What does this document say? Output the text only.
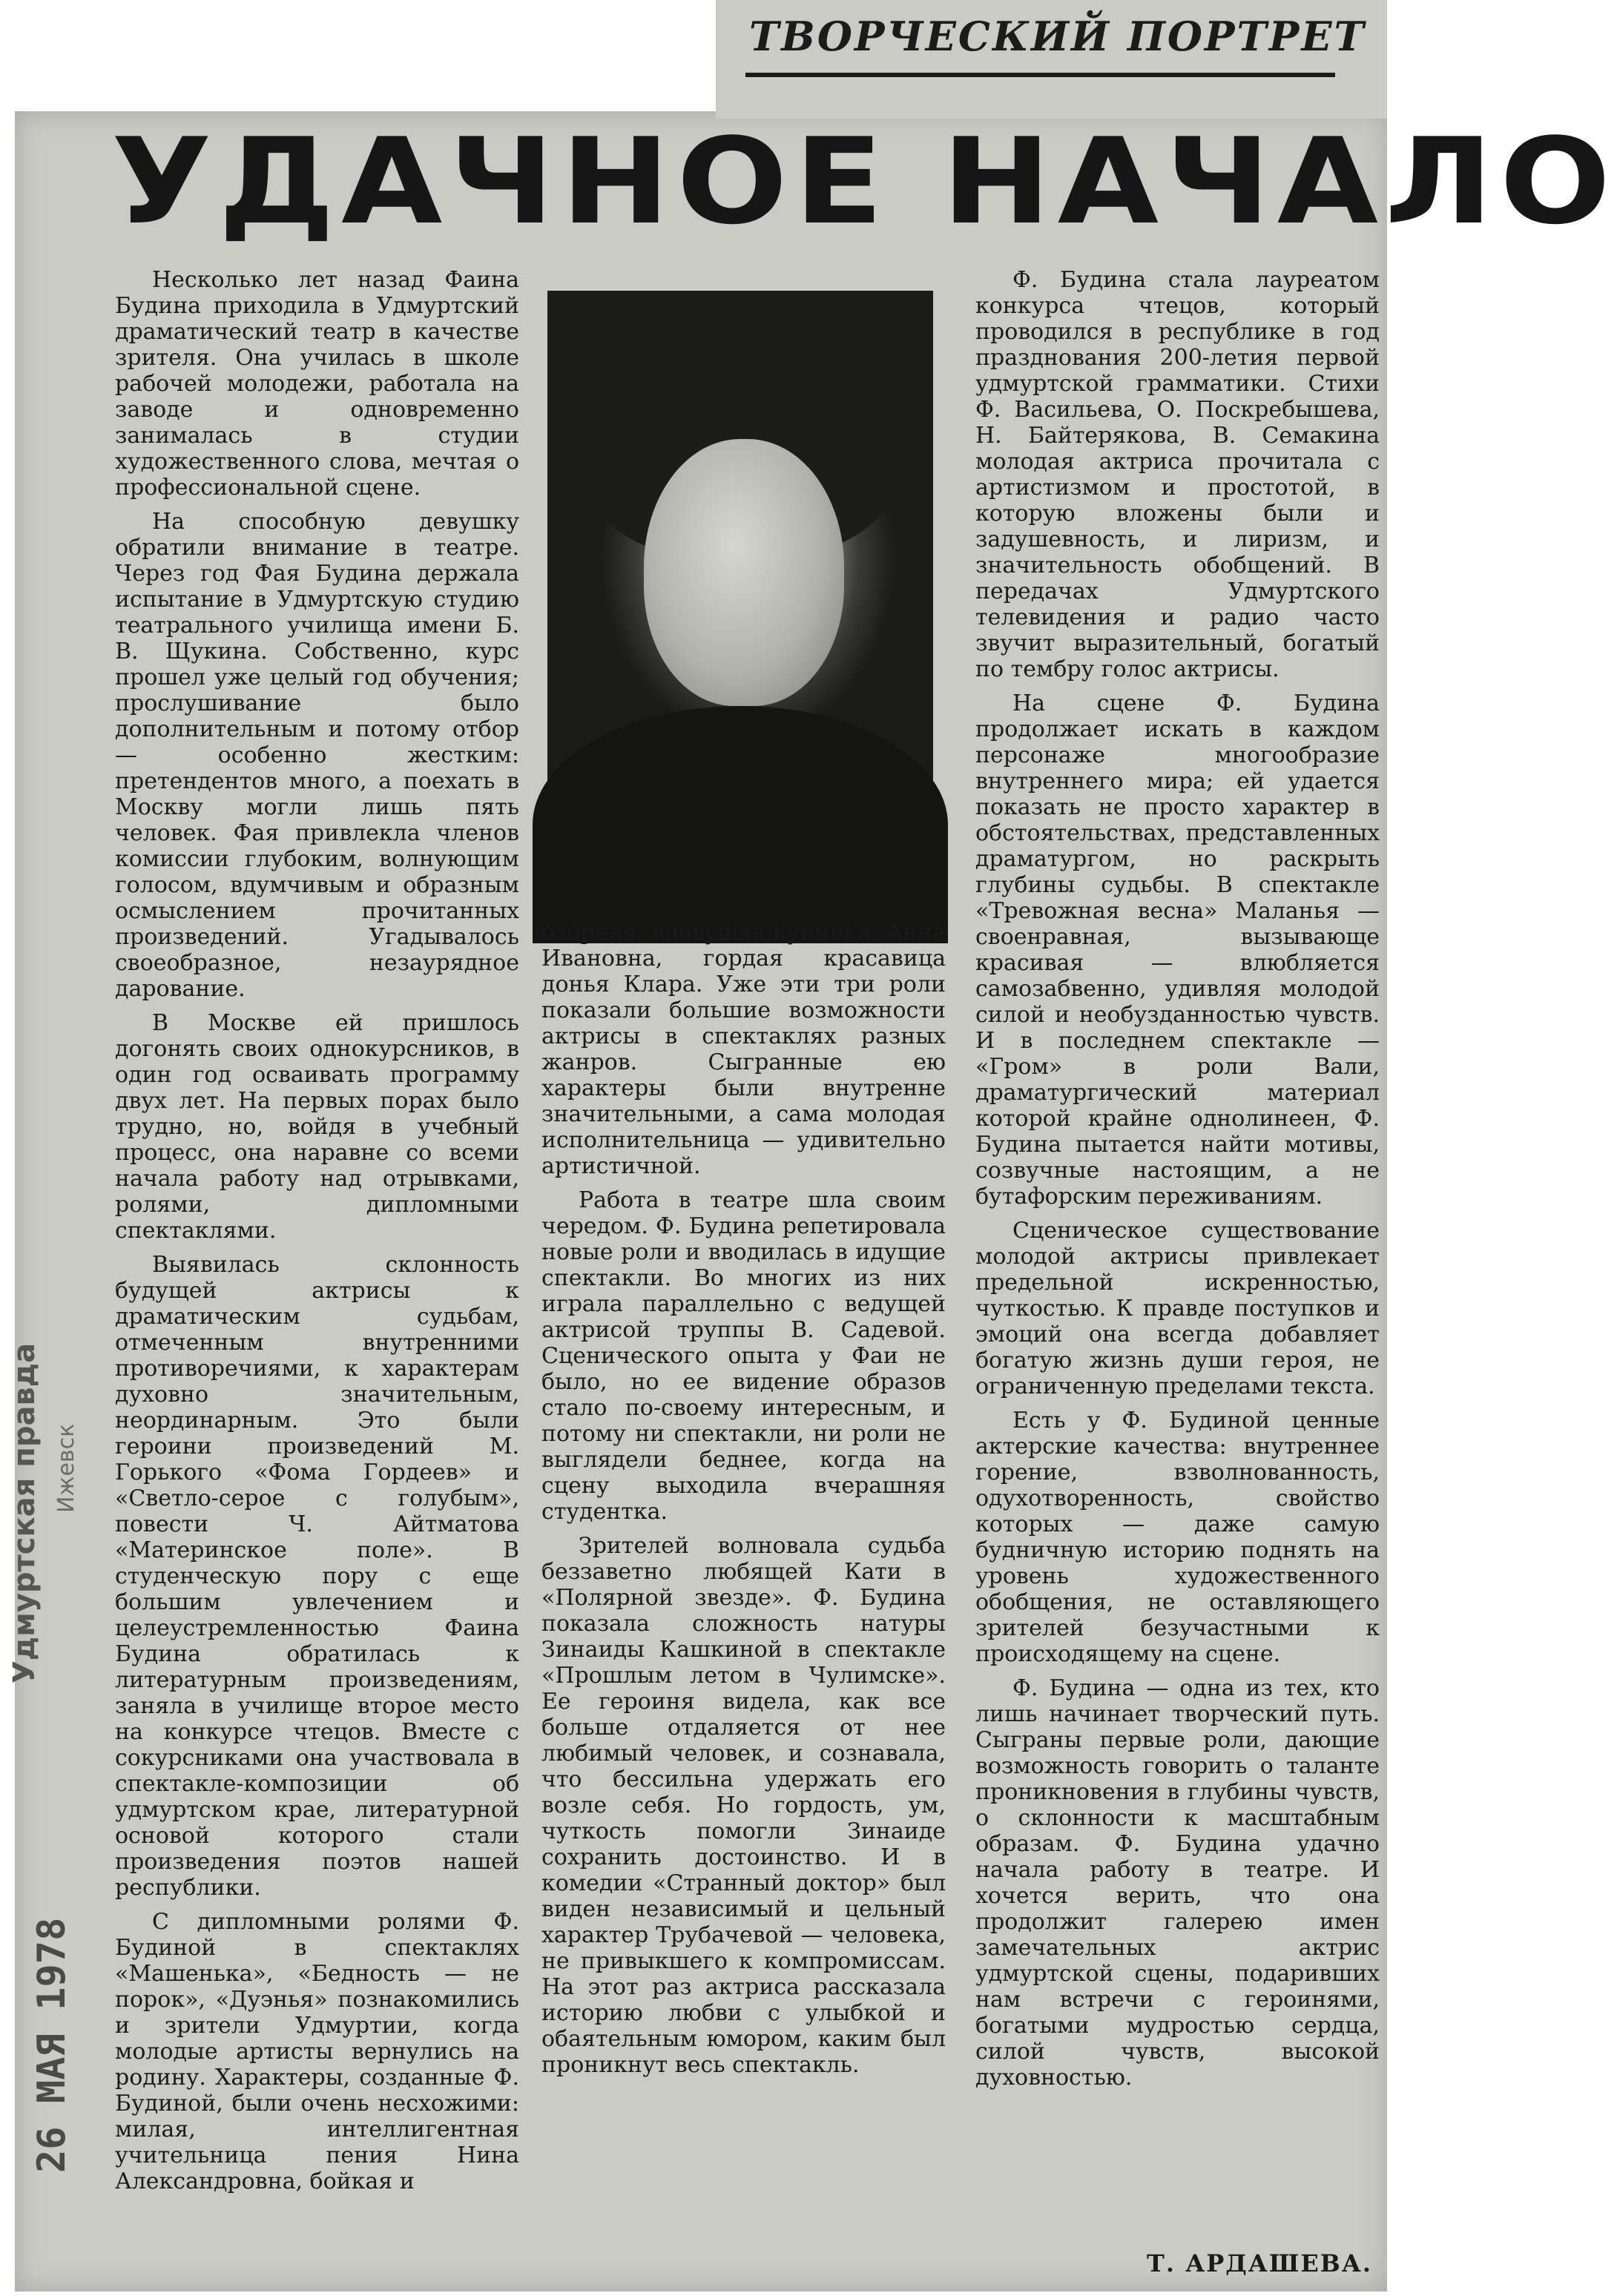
ТВОРЧЕСКИЙ ПОРТРЕТ
УДАЧНОЕ НАЧАЛО

Несколько лет назад Фаина Будина приходила в Удмуртский драматический театр в качестве зрителя. Она училась в школе рабочей молодежи, работала на заводе и одновременно занималась в студии художественного слова, мечтая о профессиональной сцене.

На способную девушку обратили внимание в театре. Через год Фая Будина держала испытание в Удмуртскую студию театрального училища имени Б. В. Щукина. Собственно, курс прошел уже целый год обучения; прослушивание было дополнительным и потому отбор — особенно жестким: претендентов много, а поехать в Москву могли лишь пять человек. Фая привлекла членов комиссии глубоким, волнующим голосом, вдумчивым и образным осмыслением прочитанных произведений. Угадывалось своеобразное, незаурядное дарование.

В Москве ей пришлось догонять своих однокурсников, в один год осваивать программу двух лет. На первых порах было трудно, но, войдя в учебный процесс, она наравне со всеми начала работу над отрывками, ролями, дипломными спектаклями.

Выявилась склонность будущей актрисы к драматическим судьбам, отмеченным внутренними противоречиями, к характерам духовно значительным, неординарным. Это были героини произведений М. Горького «Фома Гордеев» и «Светло-серое с голубым», повести Ч. Айтматова «Материнское поле». В студенческую пору с еще большим увлечением и целеустремленностью Фаина Будина обратилась к литературным произведениям, заняла в училище второе место на конкурсе чтецов. Вместе с сокурсниками она участвовала в спектакле-композиции об удмуртском крае, литературной основой которого стали произведения поэтов нашей республики.

С дипломными ролями Ф. Будиной в спектаклях «Машенька», «Бедность — не порок», «Дуэнья» познакомились и зрители Удмуртии, когда молодые артисты вернулись на родину. Характеры, созданные Ф. Будиной, были очень несхожими: милая, интеллигентная учительница пения Нина Александровна, бойкая и

озорная вдовушка-купчиха Анна Ивановна, гордая красавица донья Клара. Уже эти три роли показали большие возможности актрисы в спектаклях разных жанров. Сыгранные ею характеры были внутренне значительными, а сама молодая исполнительница — удивительно артистичной.

Работа в театре шла своим чередом. Ф. Будина репетировала новые роли и вводилась в идущие спектакли. Во многих из них играла параллельно с ведущей актрисой труппы В. Садевой. Сценического опыта у Фаи не было, но ее видение образов стало по-своему интересным, и потому ни спектакли, ни роли не выглядели беднее, когда на сцену выходила вчерашняя студентка.

Зрителей волновала судьба беззаветно любящей Кати в «Полярной звезде». Ф. Будина показала сложность натуры Зинаиды Кашкиной в спектакле «Прошлым летом в Чулимске». Ее героиня видела, как все больше отдаляется от нее любимый человек, и сознавала, что бессильна удержать его возле себя. Но гордость, ум, чуткость помогли Зинаиде сохранить достоинство. И в комедии «Странный доктор» был виден независимый и цельный характер Трубачевой — человека, не привыкшего к компромиссам. На этот раз актриса рассказала историю любви с улыбкой и обаятельным юмором, каким был проникнут весь спектакль.

Ф. Будина стала лауреатом конкурса чтецов, который проводился в республике в год празднования 200-летия первой удмуртской грамматики. Стихи Ф. Васильева, О. Поскребышева, Н. Байтерякова, В. Семакина молодая актриса прочитала с артистизмом и простотой, в которую вложены были и задушевность, и лиризм, и значительность обобщений. В передачах Удмуртского телевидения и радио часто звучит выразительный, богатый по тембру голос актрисы.

На сцене Ф. Будина продолжает искать в каждом персонаже многообразие внутреннего мира; ей удается показать не просто характер в обстоятельствах, представленных драматургом, но раскрыть глубины судьбы. В спектакле «Тревожная весна» Маланья — своенравная, вызывающе красивая — влюбляется самозабвенно, удивляя молодой силой и необузданностью чувств. И в последнем спектакле — «Гром» в роли Вали, драматургический материал которой крайне однолинеен, Ф. Будина пытается найти мотивы, созвучные настоящим, а не бутафорским переживаниям.

Сценическое существование молодой актрисы привлекает предельной искренностью, чуткостью. К правде поступков и эмоций она всегда добавляет богатую жизнь души героя, не ограниченную пределами текста.

Есть у Ф. Будиной ценные актерские качества: внутреннее горение, взволнованность, одухотворенность, свойство которых — даже самую будничную историю поднять на уровень художественного обобщения, не оставляющего зрителей безучастными к происходящему на сцене.

Ф. Будина — одна из тех, кто лишь начинает творческий путь. Сыграны первые роли, дающие возможность говорить о таланте проникновения в глубины чувств, о склонности к масштабным образам. Ф. Будина удачно начала работу в театре. И хочется верить, что она продолжит галерею имен замечательных актрис удмуртской сцены, подаривших нам встречи с героинями, богатыми мудростью сердца, силой чувств, высокой духовностью.

Т. АРДАШЕВА.
Удмуртская правда Ижевск
26 МАЯ 1978
